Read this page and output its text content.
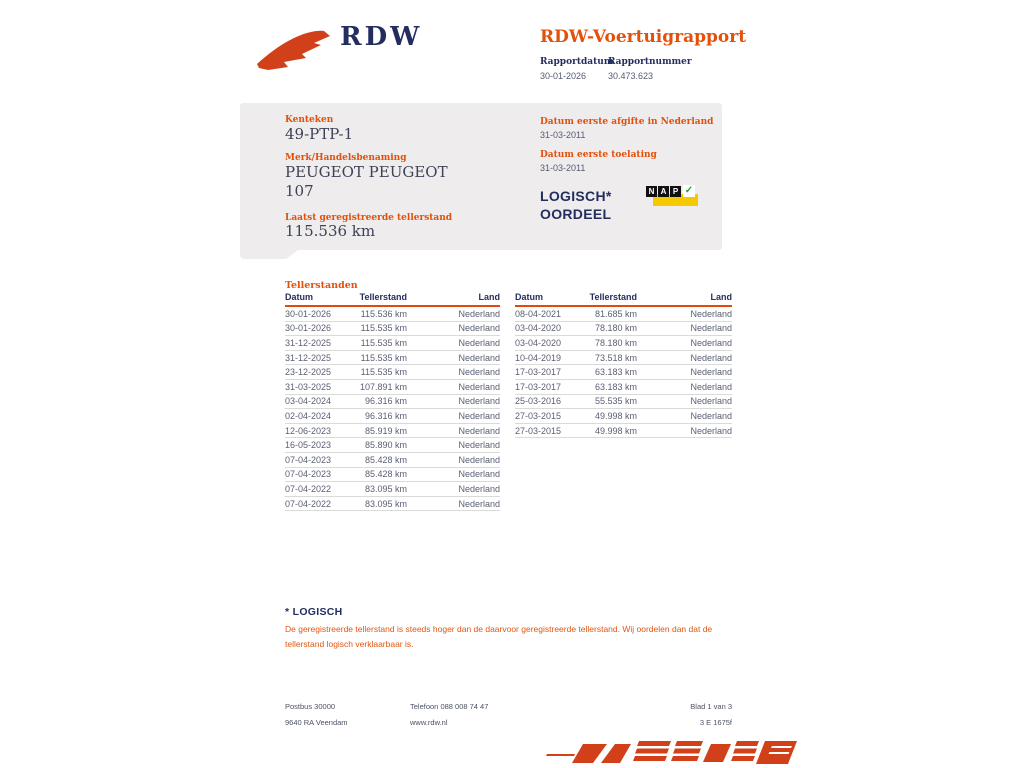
RDW	RDW-Voertuigrapport
Rapportdatum
30-01-2026
Rapportnummer
30.473.623
Kenteken
49-PTP-1
Merk/Handelsbenaming
PEUGEOT PEUGEOT 107
Laatst geregistreerde tellerstand
115.536 km
Datum eerste afgifte in Nederland
31-03-2011
Datum eerste toelating
31-03-2011
LOGISCH*
OORDEEL
N A P ✓
Tellerstanden
Datum	Tellerstand	Land
30-01-2026	115.536 km	Nederland
30-01-2026	115.535 km	Nederland
31-12-2025	115.535 km	Nederland
31-12-2025	115.535 km	Nederland
23-12-2025	115.535 km	Nederland
31-03-2025	107.891 km	Nederland
03-04-2024	96.316 km	Nederland
02-04-2024	96.316 km	Nederland
12-06-2023	85.919 km	Nederland
16-05-2023	85.890 km	Nederland
07-04-2023	85.428 km	Nederland
07-04-2023	85.428 km	Nederland
07-04-2022	83.095 km	Nederland
07-04-2022	83.095 km	Nederland
Datum	Tellerstand	Land
08-04-2021	81.685 km	Nederland
03-04-2020	78.180 km	Nederland
03-04-2020	78.180 km	Nederland
10-04-2019	73.518 km	Nederland
17-03-2017	63.183 km	Nederland
17-03-2017	63.183 km	Nederland
25-03-2016	55.535 km	Nederland
27-03-2015	49.998 km	Nederland
27-03-2015	49.998 km	Nederland
* LOGISCH
De geregistreerde tellerstand is steeds hoger dan de daarvoor geregistreerde tellerstand. Wij oordelen dan dat de tellerstand logisch verklaarbaar is.
Postbus 30000	Telefoon 088 008 74 47	Blad 1 van 3
9640 RA Veendam	www.rdw.nl	3 E 1675f
